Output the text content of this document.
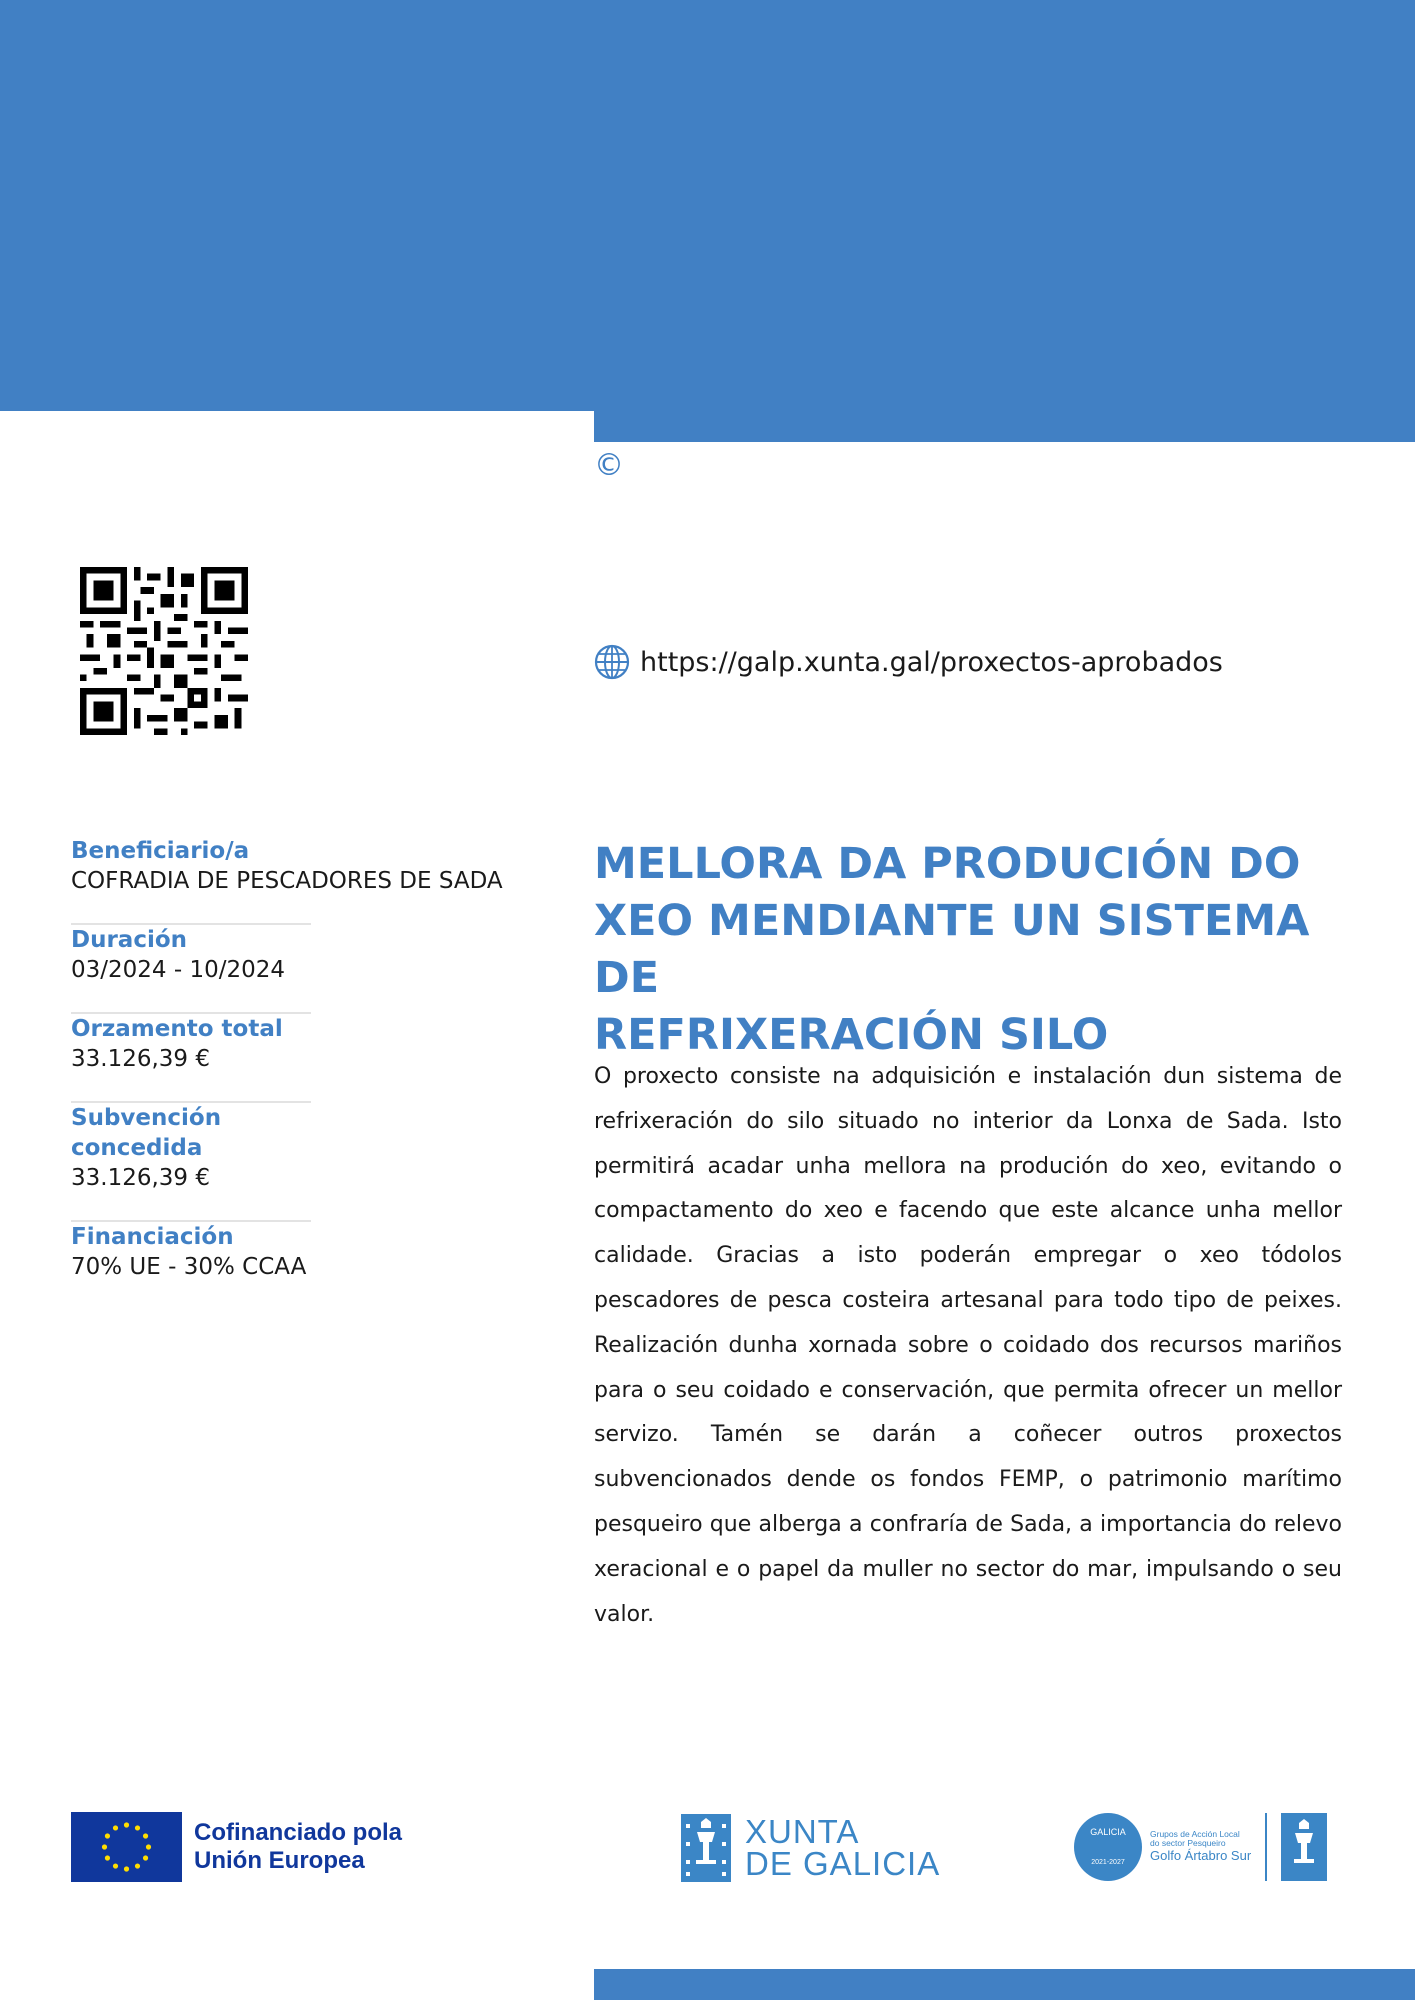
©
https://galp.xunta.gal/proxectos-aprobados
Beneficiario/a
COFRADIA DE PESCADORES DE SADA
Duración
03/2024 - 10/2024
Orzamento total
33.126,39 €
Subvención concedida
33.126,39 €
Financiación
70% UE - 30% CCAA
MELLORA DA PRODUCIÓN DO
XEO MENDIANTE UN SISTEMA DE
REFRIXERACIÓN SILO

O proxecto consiste na adquisición e instalación dun sistema de refrixeración do silo situado no interior da Lonxa de Sada. Isto permitirá acadar unha mellora na produción do xeo, evitando o compactamento do xeo e facendo que este alcance unha mellor calidade. Gracias a isto poderán empregar o xeo tódolos pescadores de pesca costeira artesanal para todo tipo de peixes. Realización dunha xornada sobre o coidado dos recursos mariños para o seu coidado e conservación, que permita ofrecer un mellor servizo. Tamén se darán a coñecer outros proxectos subvencionados dende os fondos FEMP, o patrimonio marítimo pesqueiro que alberga a confraría de Sada, a importancia do relevo xeracional e o papel da muller no sector do mar, impulsando o seu valor.

Cofinanciado pola
Unión Europea
XUNTA
DE GALICIA
GALICIA
2021-2027
Grupos de Acción Local
do sector Pesqueiro
Golfo Ártabro Sur
